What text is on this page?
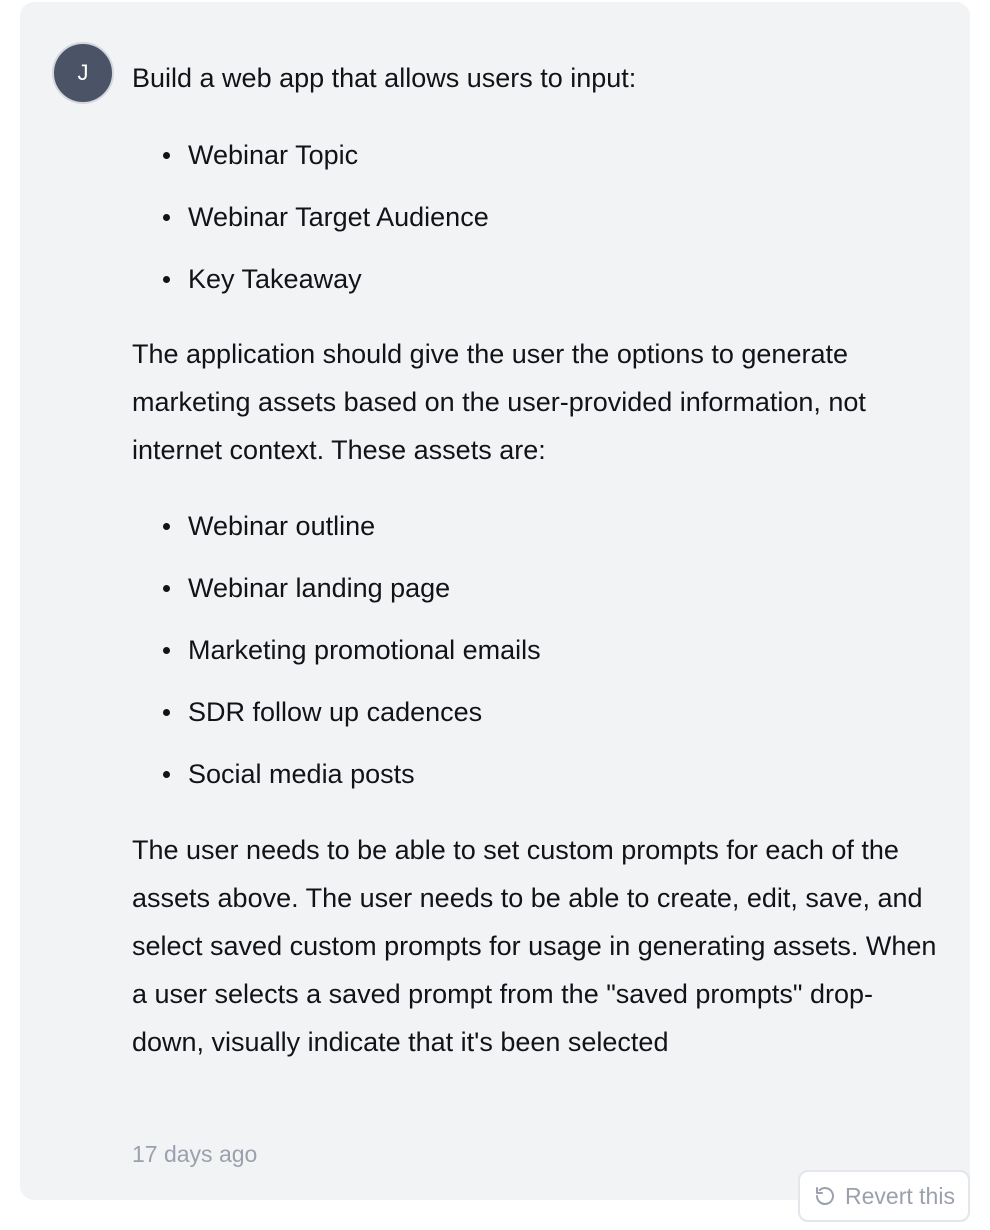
J Build a web app that allows users to input:

Webinar Topic
Webinar Target Audience
Key Takeaway

The application should give the user the options to generate marketing assets based on the user-provided information, not internet context. These assets are:

Webinar outline
Webinar landing page
Marketing promotional emails
SDR follow up cadences
Social media posts

The user needs to be able to set custom prompts for each of the assets above. The user needs to be able to create, edit, save, and select saved custom prompts for usage in generating assets. When a user selects a saved prompt from the "saved prompts" drop-down, visually indicate that it's been selected

17 days ago
Revert this
